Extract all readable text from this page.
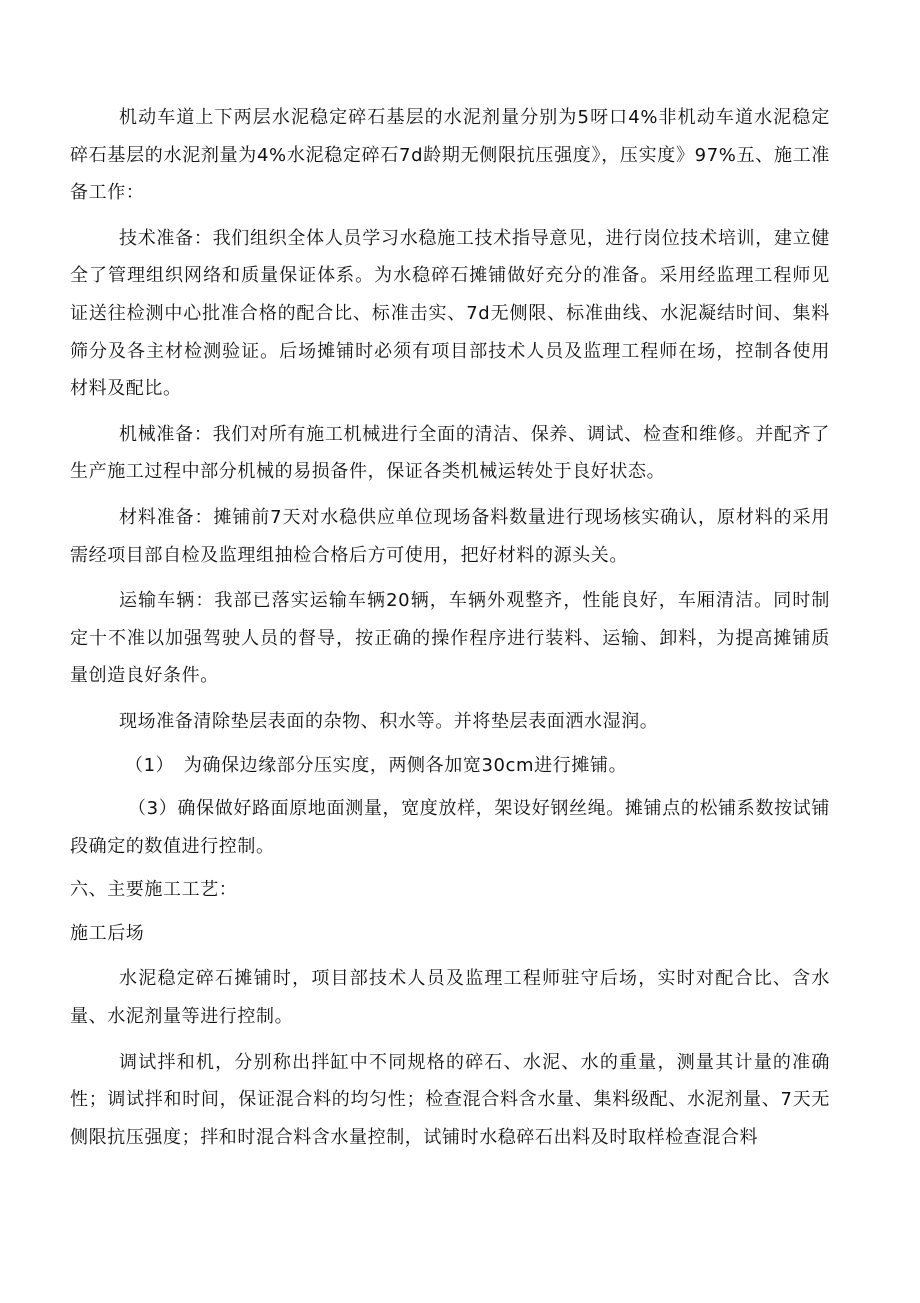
机动车道上下两层水泥稳定碎石基层的水泥剂量分别为5呀口4%非机动车道水泥稳定碎石基层的水泥剂量为4%水泥稳定碎石7d龄期无侧限抗压强度》，压实度》97%五、施工准备工作：

技术准备：我们组织全体人员学习水稳施工技术指导意见，进行岗位技术培训，建立健全了管理组织网络和质量保证体系。为水稳碎石摊铺做好充分的准备。采用经监理工程师见证送往检测中心批准合格的配合比、标准击实、7d无侧限、标准曲线、水泥凝结时间、集料筛分及各主材检测验证。后场摊铺时必须有项目部技术人员及监理工程师在场，控制各使用材料及配比。

机械准备：我们对所有施工机械进行全面的清洁、保养、调试、检查和维修。并配齐了生产施工过程中部分机械的易损备件，保证各类机械运转处于良好状态。

材料准备：摊铺前7天对水稳供应单位现场备料数量进行现场核实确认，原材料的采用需经项目部自检及监理组抽检合格后方可使用，把好材料的源头关。

运输车辆：我部已落实运输车辆20辆，车辆外观整齐，性能良好，车厢清洁。同时制定十不准以加强驾驶人员的督导，按正确的操作程序进行装料、运输、卸料，为提高摊铺质量创造良好条件。

现场准备清除垫层表面的杂物、积水等。并将垫层表面洒水湿润。

（1）　为确保边缘部分压实度，两侧各加宽30cm进行摊铺。

（3）确保做好路面原地面测量，宽度放样，架设好钢丝绳。摊铺点的松铺系数按试铺段确定的数值进行控制。

六、主要施工工艺：

施工后场

水泥稳定碎石摊铺时，项目部技术人员及监理工程师驻守后场，实时对配合比、含水量、水泥剂量等进行控制。

调试拌和机，分别称出拌缸中不同规格的碎石、水泥、水的重量，测量其计量的准确性；调试拌和时间，保证混合料的均匀性；检查混合料含水量、集料级配、水泥剂量、7天无侧限抗压强度；拌和时混合料含水量控制，试铺时水稳碎石出料及时取样检查混合料
